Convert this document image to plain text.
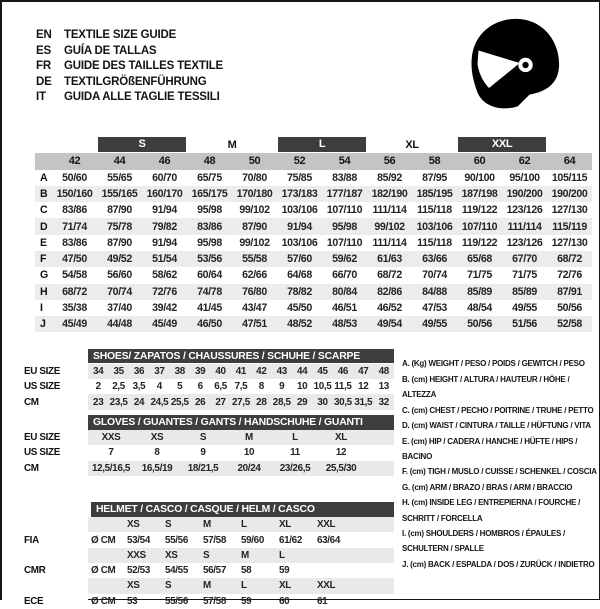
EN	TEXTILE SIZE GUIDE
ES	GUÍA DE TALLAS
FR	GUIDE DES TAILLES TEXTILE
DE	TEXTILGRÖßENFÜHRUNG
IT	GUIDA ALLE TAGLIE TESSILI

		S		M		L		XL		XXL		

	42	44	46	48	50	52	54	56	58	60	62	64
A	50/60	55/65	60/70	65/75	70/80	75/85	83/88	85/92	87/95	90/100	95/100	105/115
B	150/160	155/165	160/170	165/175	170/180	173/183	177/187	182/190	185/195	187/198	190/200	190/200
C	83/86	87/90	91/94	95/98	99/102	103/106	107/110	111/114	115/118	119/122	123/126	127/130
D	71/74	75/78	79/82	83/86	87/90	91/94	95/98	99/102	103/106	107/110	111/114	115/119
E	83/86	87/90	91/94	95/98	99/102	103/106	107/110	111/114	115/118	119/122	123/126	127/130
F	47/50	49/52	51/54	53/56	55/58	57/60	59/62	61/63	63/66	65/68	67/70	68/72
G	54/58	56/60	58/62	60/64	62/66	64/68	66/70	68/72	70/74	71/75	71/75	72/76
H	68/72	70/74	72/76	74/78	76/80	78/82	80/84	82/86	84/88	85/89	85/89	87/91
I	35/38	37/40	39/42	41/45	43/47	45/50	46/51	46/52	47/53	48/54	49/55	50/56
J	45/49	44/48	45/49	46/50	47/51	48/52	48/53	49/54	49/55	50/56	51/56	52/58

	SHOES/ ZAPATOS / CHAUSSURES / SCHUHE / SCARPE														

EU SIZE	34	35	36	37	38	39	40	41	42	43	44	45	46	47	48
US SIZE	2	2,5	3,5	4	5	6	6,5	7,5	8	9	10	10,5	11,5	12	13
CM	23	23,5	24	24,5	25,5	26	27	27,5	28	28,5	29	30	30,5	31,5	32

	GLOVES / GUANTES / GANTS / HANDSCHUHE / GUANTI						

EU SIZE	XXS	XS	S	M	L	XL	
US SIZE	7	8	9	10	11	12	
CM	12,5/16,5	16,5/19	18/21,5	20/24	23/26,5	25,5/30	

	HELMET / CASCO / CASQUE / HELM / CASCO							

		XS	S	M	L	XL	XXL	
FIA	Ø CM	53/54	55/56	57/58	59/60	61/62	63/64	
		XXS	XS	S	M	L		
CMR	Ø CM	52/53	54/55	56/57	58	59		
		XS	S	M	L	XL	XXL	
ECE	Ø CM	53	55/56	57/58	59	60	61	
A. (Kg) WEIGHT / PESO / POIDS / GEWITCH / PESO
B. (cm) HEIGHT / ALTURA / HAUTEUR / HÖHE / ALTEZZA
C. (cm) CHEST / PECHO / POITRINE / TRUHE / PETTO
D. (cm) WAIST / CINTURA / TAILLE / HÜFTUNG / VITA
E. (cm) HIP / CADERA / HANCHE / HÜFTE / HIPS / BACINO
F. (cm) TIGH / MUSLO / CUISSE / SCHENKEL / COSCIA
G. (cm) ARM / BRAZO / BRAS / ARM / BRACCIO
H. (cm) INSIDE LEG / ENTREPIERNA / FOURCHE / SCHRITT / FORCELLA
I. (cm) SHOULDERS / HOMBROS / ÉPAULES / SCHULTERN / SPALLE
J. (cm) BACK / ESPALDA / DOS / ZURÜCK / INDIETRO
